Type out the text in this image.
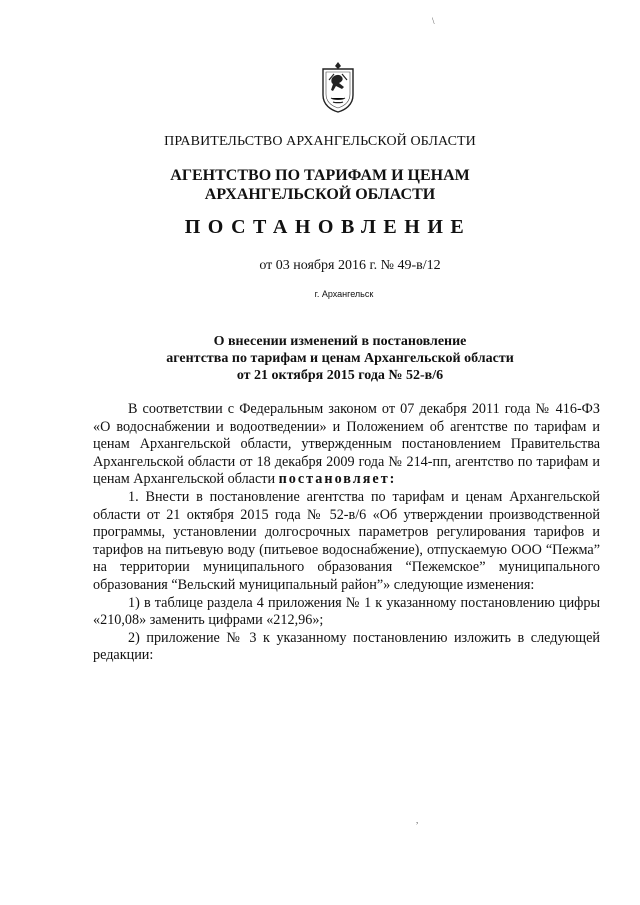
\
ПРАВИТЕЛЬСТВО АРХАНГЕЛЬСКОЙ ОБЛАСТИ
АГЕНТСТВО ПО ТАРИФАМ И ЦЕНАМ
АРХАНГЕЛЬСКОЙ ОБЛАСТИ
ПОСТАНОВЛЕНИЕ
от 03 ноября 2016 г. № 49-в/12
г. Архангельск
О внесении изменений в постановление
агентства по тарифам и ценам Архангельской области
от 21 октября 2015 года № 52-в/6

В соответствии с Федеральным законом от 07 декабря 2011 года № 416-ФЗ «О водоснабжении и водоотведении» и Положением об агентстве по тарифам и ценам Архангельской области, утвержденным постановлением Правительства Архангельской области от 18 декабря 2009 года № 214-пп, агентство по тарифам и ценам Архангельской области постановляет:

1. Внести в постановление агентства по тарифам и ценам Архангельской области от 21 октября 2015 года № 52-в/6 «Об утверждении производственной программы, установлении долгосрочных параметров регулирования тарифов и тарифов на питьевую воду (питьевое водоснабжение), отпускаемую ООО “Пежма” на территории муниципального образования “Пежемское” муниципального образования “Вельский муниципальный район”» следующие изменения:

1) в таблице раздела 4 приложения № 1 к указанному постановлению цифры «210,08» заменить цифрами «212,96»;

2) приложение № 3 к указанному постановлению изложить в следующей редакции:

,
